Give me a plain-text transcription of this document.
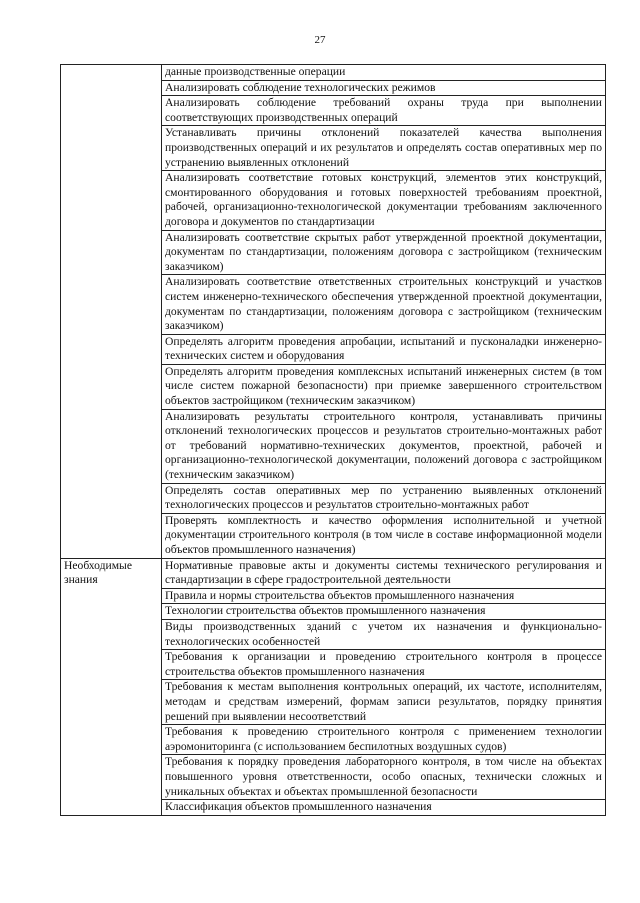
27
	данные производственные операции
	Анализировать соблюдение технологических режимов
	Анализировать соблюдение требований охраны труда при выполнении соответствующих производственных операций
	Устанавливать причины отклонений показателей качества выполнения производственных операций и их результатов и определять состав оперативных мер по устранению выявленных отклонений
	Анализировать соответствие готовых конструкций, элементов этих конструкций, смонтированного оборудования и готовых поверхностей требованиям проектной, рабочей, организационно-технологической документации требованиям заключенного договора и документов по стандартизации
	Анализировать соответствие скрытых работ утвержденной проектной документации, документам по стандартизации, положениям договора с застройщиком (техническим заказчиком)
	Анализировать соответствие ответственных строительных конструкций и участков систем инженерно-технического обеспечения утвержденной проектной документации, документам по стандартизации, положениям договора с застройщиком (техническим заказчиком)
	Определять алгоритм проведения апробации, испытаний и пусконаладки инженерно-технических систем и оборудования
	Определять алгоритм проведения комплексных испытаний инженерных систем (в том числе систем пожарной безопасности) при приемке завершенного строительством объектов застройщиком (техническим заказчиком)
	Анализировать результаты строительного контроля, устанавливать причины отклонений технологических процессов и результатов строительно-монтажных работ от требований нормативно-технических документов, проектной, рабочей и организационно-технологической документации, положений договора с застройщиком (техническим заказчиком)
	Определять состав оперативных мер по устранению выявленных отклонений технологических процессов и результатов строительно-монтажных работ
	Проверять комплектность и качество оформления исполнительной и учетной документации строительного контроля (в том числе в составе информационной модели объектов промышленного назначения)
Необходимые знания	Нормативные правовые акты и документы системы технического регулирования и стандартизации в сфере градостроительной деятельности
	Правила и нормы строительства объектов промышленного назначения
	Технологии строительства объектов промышленного назначения
	Виды производственных зданий с учетом их назначения и функционально-технологических особенностей
	Требования к организации и проведению строительного контроля в процессе строительства объектов промышленного назначения
	Требования к местам выполнения контрольных операций, их частоте, исполнителям, методам и средствам измерений, формам записи результатов, порядку принятия решений при выявлении несоответствий
	Требования к проведению строительного контроля с применением технологии аэромониторинга (с использованием беспилотных воздушных судов)
	Требования к порядку проведения лабораторного контроля, в том числе на объектах повышенного уровня ответственности, особо опасных, технически сложных и уникальных объектах и объектах промышленной безопасности
	Классификация объектов промышленного назначения
